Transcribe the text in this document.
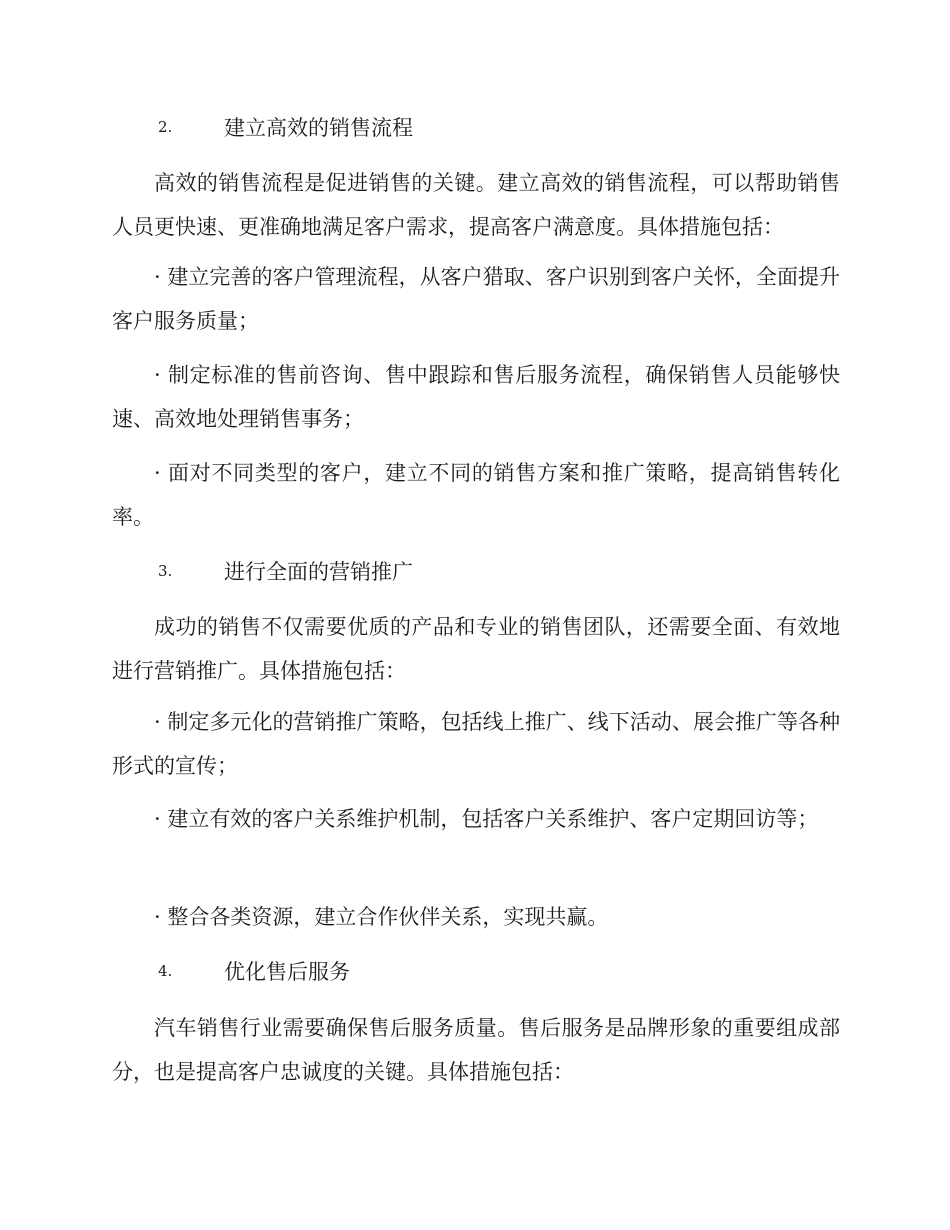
2.	建立高效的销售流程

高效的销售流程是促进销售的关键。建立高效的销售流程，可以帮助销售人员更快速、更准确地满足客户需求，提高客户满意度。具体措施包括：

· 建立完善的客户管理流程，从客户猎取、客户识别到客户关怀，全面提升客户服务质量；

· 制定标准的售前咨询、售中跟踪和售后服务流程，确保销售人员能够快速、高效地处理销售事务；

· 面对不同类型的客户，建立不同的销售方案和推广策略，提高销售转化率。

3.	进行全面的营销推广

成功的销售不仅需要优质的产品和专业的销售团队，还需要全面、有效地进行营销推广。具体措施包括：

· 制定多元化的营销推广策略，包括线上推广、线下活动、展会推广等各种形式的宣传；

· 建立有效的客户关系维护机制，包括客户关系维护、客户定期回访等；

· 整合各类资源，建立合作伙伴关系，实现共赢。

4.	优化售后服务

汽车销售行业需要确保售后服务质量。售后服务是品牌形象的重要组成部分，也是提高客户忠诚度的关键。具体措施包括：
